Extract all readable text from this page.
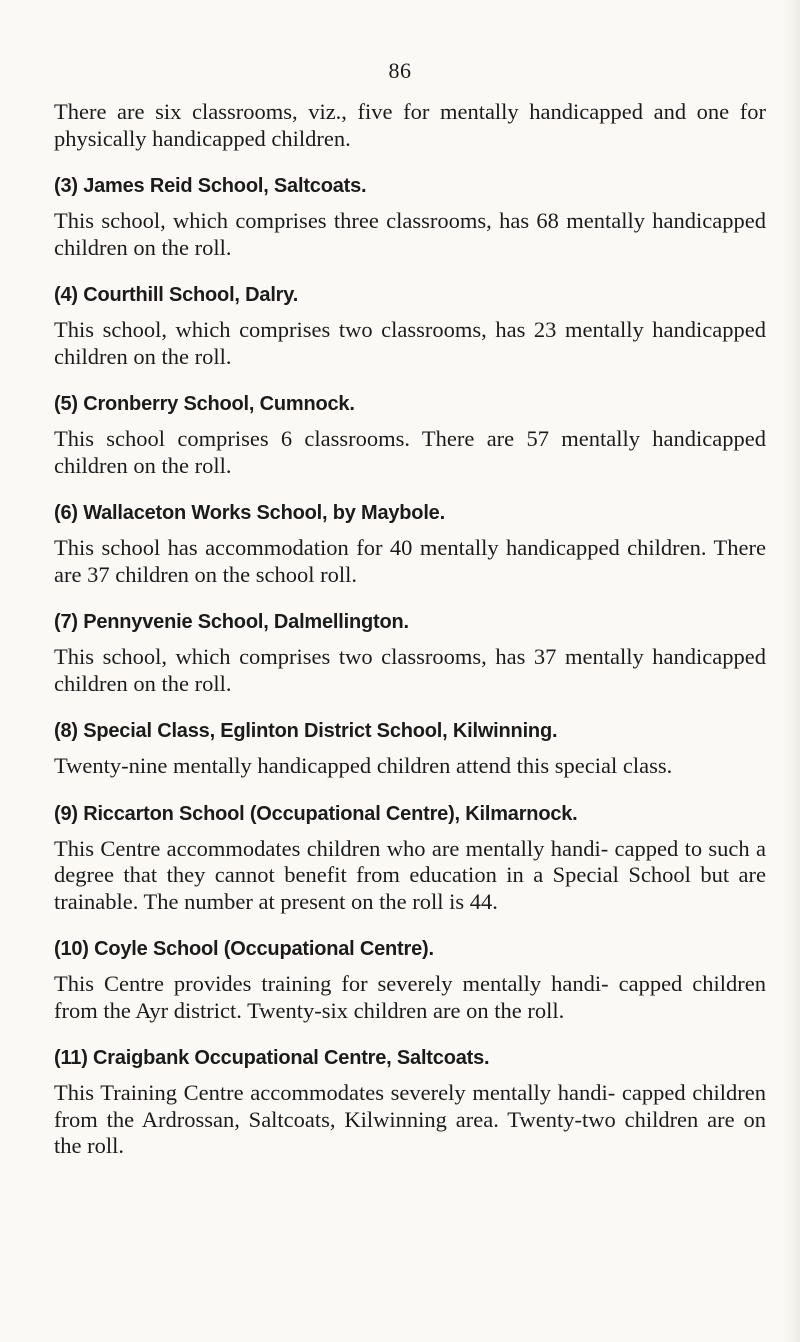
86

There are six classrooms, viz., five for mentally handicapped and one for physically handicapped children.

(3) James Reid School, Saltcoats.

This school, which comprises three classrooms, has 68 mentally handicapped children on the roll.

(4) Courthill School, Dalry.

This school, which comprises two classrooms, has 23 mentally handicapped children on the roll.

(5) Cronberry School, Cumnock.

This school comprises 6 classrooms. There are 57 mentally handicapped children on the roll.

(6) Wallaceton Works School, by Maybole.

This school has accommodation for 40 mentally handicapped children. There are 37 children on the school roll.

(7) Pennyvenie School, Dalmellington.

This school, which comprises two classrooms, has 37 mentally handicapped children on the roll.

(8) Special Class, Eglinton District School, Kilwinning.

Twenty-nine mentally handicapped children attend this special class.

(9) Riccarton School (Occupational Centre), Kilmarnock.

This Centre accommodates children who are mentally handi- capped to such a degree that they cannot benefit from education in a Special School but are trainable. The number at present on the roll is 44.

(10) Coyle School (Occupational Centre).

This Centre provides training for severely mentally handi- capped children from the Ayr district. Twenty-six children are on the roll.

(11) Craigbank Occupational Centre, Saltcoats.

This Training Centre accommodates severely mentally handi- capped children from the Ardrossan, Saltcoats, Kilwinning area. Twenty-two children are on the roll.
